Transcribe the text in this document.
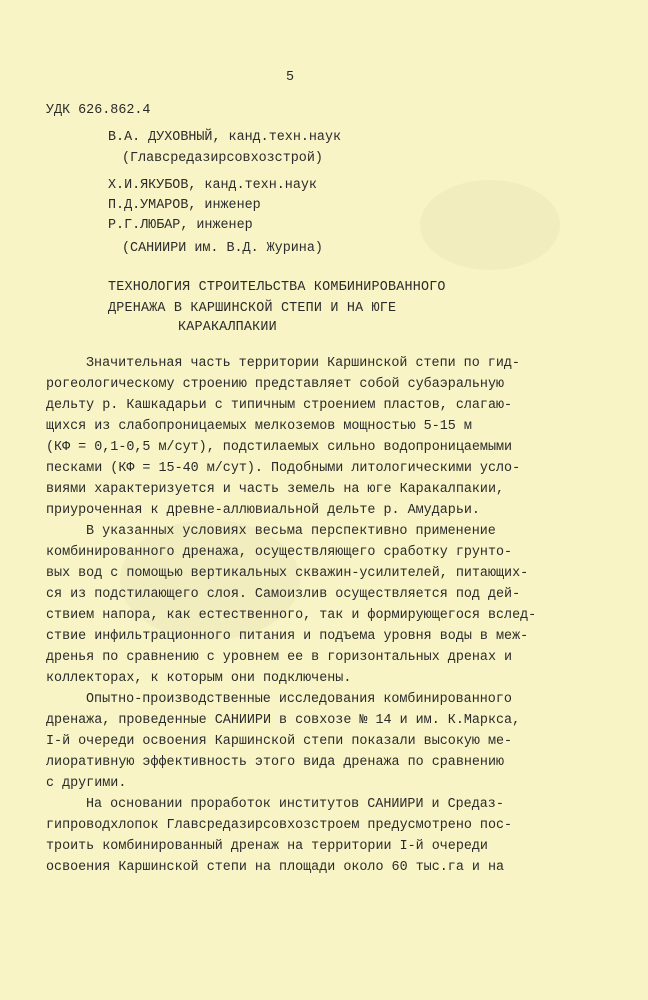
5
УДК 626.862.4
В.А. ДУХОВНЫЙ, канд.техн.наук
(Главсредазирсовхозстрой)
Х.И.ЯКУБОВ, канд.техн.наук
П.Д.УМАРОВ, инженер
Р.Г.ЛЮБАР, инженер
(САНИИРИ им. В.Д. Журина)
ТЕХНОЛОГИЯ СТРОИТЕЛЬСТВА КОМБИНИРОВАННОГО
ДРЕНАЖА В КАРШИНСКОЙ СТЕПИ И НА ЮГЕ
КАРАКАЛПАКИИ
Значительная часть территории Каршинской степи по гид-
рогеологическому строению представляет собой субаэральную
дельту р. Кашкадарьи с типичным строением пластов, слагаю-
щихся из слабопроницаемых мелкоземов мощностью 5-15 м
(КФ = 0,1-0,5 м/сут), подстилаемых сильно водопроницаемыми
песками (КФ = 15-40 м/сут). Подобными литологическими усло-
виями характеризуется и часть земель на юге Каракалпакии,
приуроченная к древне-аллювиальной дельте р. Амударьи.
В указанных условиях весьма перспективно применение
комбинированного дренажа, осуществляющего сработку грунто-
вых вод с помощью вертикальных скважин-усилителей, питающих-
ся из подстилающего слоя. Самоизлив осуществляется под дей-
ствием напора, как естественного, так и формирующегося вслед-
ствие инфильтрационного питания и подъема уровня воды в меж-
дренья по сравнению с уровнем ее в горизонтальных дренах и
коллекторах, к которым они подключены.
Опытно-производственные исследования комбинированного
дренажа, проведенные САНИИРИ в совхозе № 14 и им. К.Маркса,
I-й очереди освоения Каршинской степи показали высокую ме-
лиоративную эффективность этого вида дренажа по сравнению
с другими.
На основании проработок институтов САНИИРИ и Средаз-
гипроводхлопок Главсредазирсовхозстроем предусмотрено пос-
троить комбинированный дренаж на территории I-й очереди
освоения Каршинской степи на площади около 60 тыс.га и на
